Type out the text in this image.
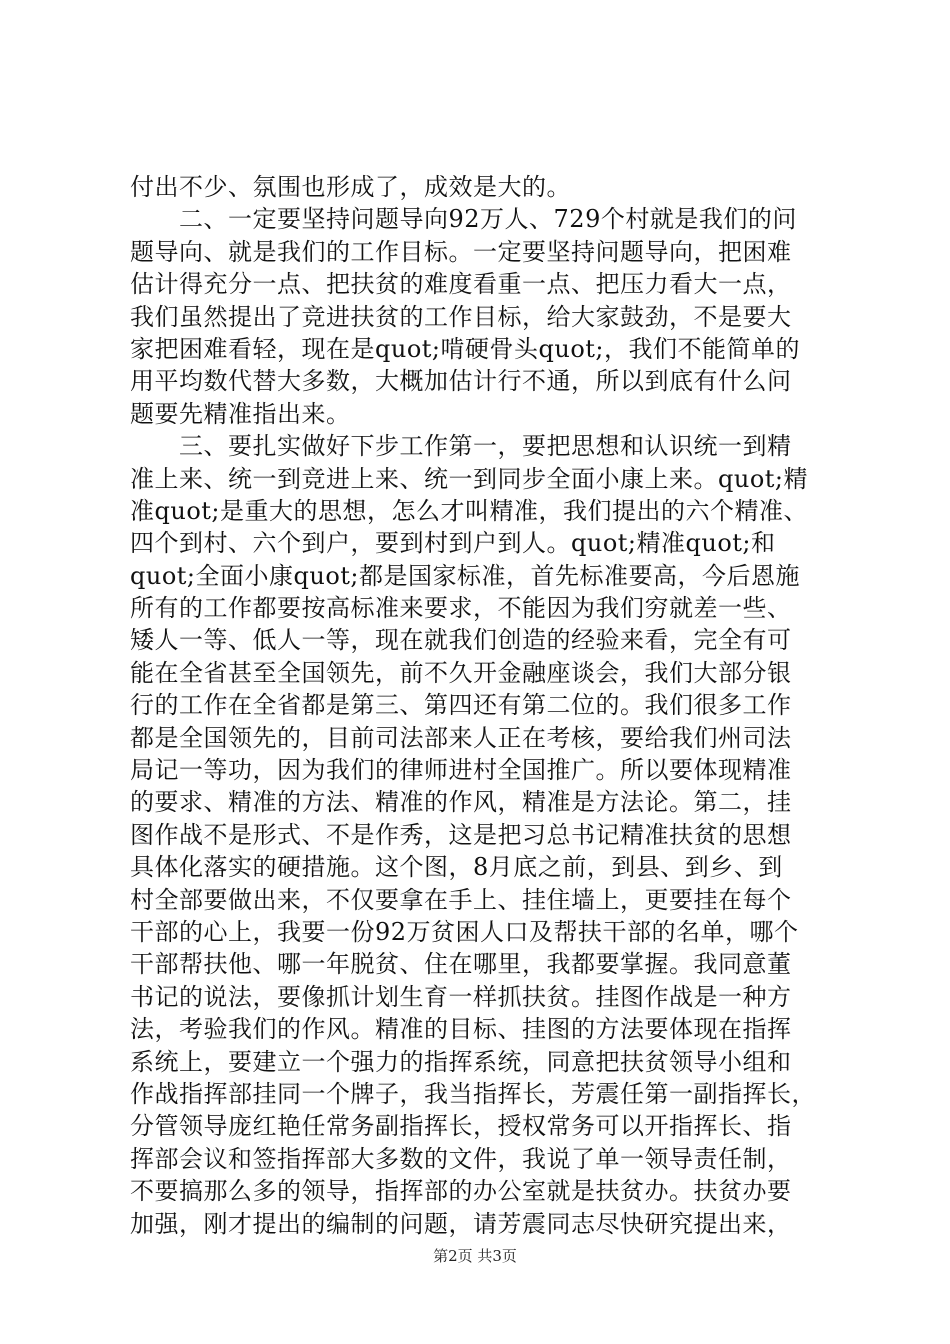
付出不少、氛围也形成了，成效是大的。
　　二、一定要坚持问题导向92万人、729个村就是我们的问
题导向、就是我们的工作目标。一定要坚持问题导向，把困难
估计得充分一点、把扶贫的难度看重一点、把压力看大一点，
我们虽然提出了竞进扶贫的工作目标，给大家鼓劲，不是要大
家把困难看轻，现在是quot;啃硬骨头quot;，我们不能简单的
用平均数代替大多数，大概加估计行不通，所以到底有什么问
题要先精准指出来。
　　三、要扎实做好下步工作第一，要把思想和认识统一到精
准上来、统一到竞进上来、统一到同步全面小康上来。quot;精
准quot;是重大的思想，怎么才叫精准，我们提出的六个精准、
四个到村、六个到户，要到村到户到人。quot;精准quot;和
quot;全面小康quot;都是国家标准，首先标准要高，今后恩施
所有的工作都要按高标准来要求，不能因为我们穷就差一些、
矮人一等、低人一等，现在就我们创造的经验来看，完全有可
能在全省甚至全国领先，前不久开金融座谈会，我们大部分银
行的工作在全省都是第三、第四还有第二位的。我们很多工作
都是全国领先的，目前司法部来人正在考核，要给我们州司法
局记一等功，因为我们的律师进村全国推广。所以要体现精准
的要求、精准的方法、精准的作风，精准是方法论。第二，挂
图作战不是形式、不是作秀，这是把习总书记精准扶贫的思想
具体化落实的硬措施。这个图，8月底之前，到县、到乡、到
村全部要做出来，不仅要拿在手上、挂住墙上，更要挂在每个
干部的心上，我要一份92万贫困人口及帮扶干部的名单，哪个
干部帮扶他、哪一年脱贫、住在哪里，我都要掌握。我同意董
书记的说法，要像抓计划生育一样抓扶贫。挂图作战是一种方
法，考验我们的作风。精准的目标、挂图的方法要体现在指挥
系统上，要建立一个强力的指挥系统，同意把扶贫领导小组和
作战指挥部挂同一个牌子，我当指挥长，芳震任第一副指挥长，
分管领导庞红艳任常务副指挥长，授权常务可以开指挥长、指
挥部会议和签指挥部大多数的文件，我说了单一领导责任制，
不要搞那么多的领导，指挥部的办公室就是扶贫办。扶贫办要
加强，刚才提出的编制的问题，请芳震同志尽快研究提出来，
第2页 共3页
